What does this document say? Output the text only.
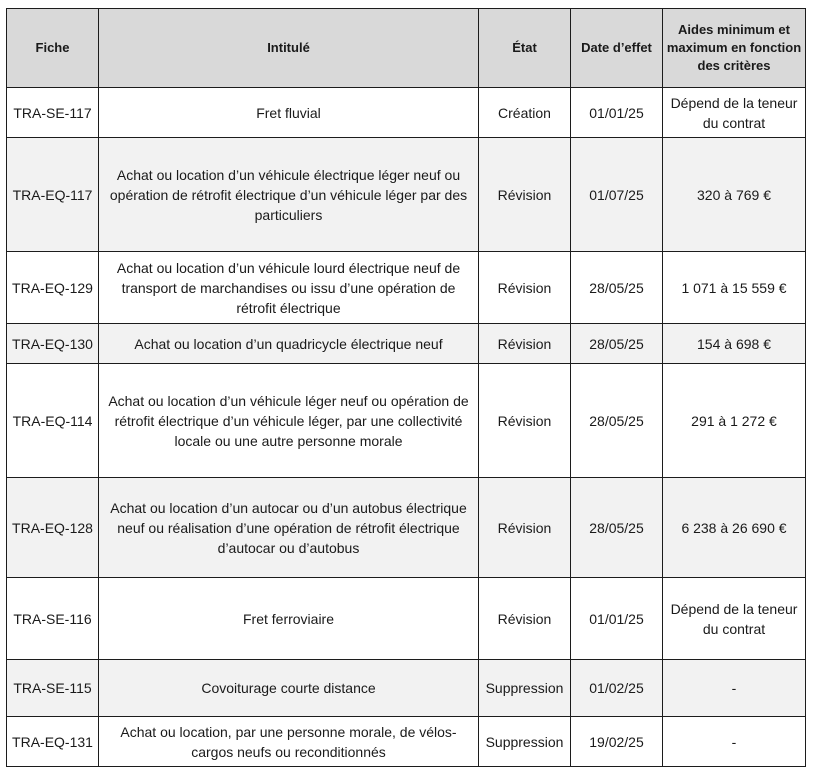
Fiche	Intitulé	État	Date d’effet	Aides minimum et maximum en fonction des critères
TRA-SE-117	Fret fluvial	Création	01/01/25	Dépend de la teneur du contrat
TRA-EQ-117	Achat ou location d’un véhicule électrique léger neuf ou opération de rétrofit électrique d’un véhicule léger par des particuliers	Révision	01/07/25	320 à 769 €
TRA-EQ-129	Achat ou location d’un véhicule lourd électrique neuf de transport de marchandises ou issu d’une opération de rétrofit électrique	Révision	28/05/25	1 071 à 15 559 €
TRA-EQ-130	Achat ou location d’un quadricycle électrique neuf	Révision	28/05/25	154 à 698 €
TRA-EQ-114	Achat ou location d’un véhicule léger neuf ou opération de rétrofit électrique d’un véhicule léger, par une collectivité locale ou une autre personne morale	Révision	28/05/25	291 à 1 272 €
TRA-EQ-128	Achat ou location d’un autocar ou d’un autobus électrique neuf ou réalisation d’une opération de rétrofit électrique d’autocar ou d’autobus	Révision	28/05/25	6 238 à 26 690 €
TRA-SE-116	Fret ferroviaire	Révision	01/01/25	Dépend de la teneur du contrat
TRA-SE-115	Covoiturage courte distance	Suppression	01/02/25	-
TRA-EQ-131	Achat ou location, par une personne morale, de vélos-cargos neufs ou reconditionnés	Suppression	19/02/25	-
